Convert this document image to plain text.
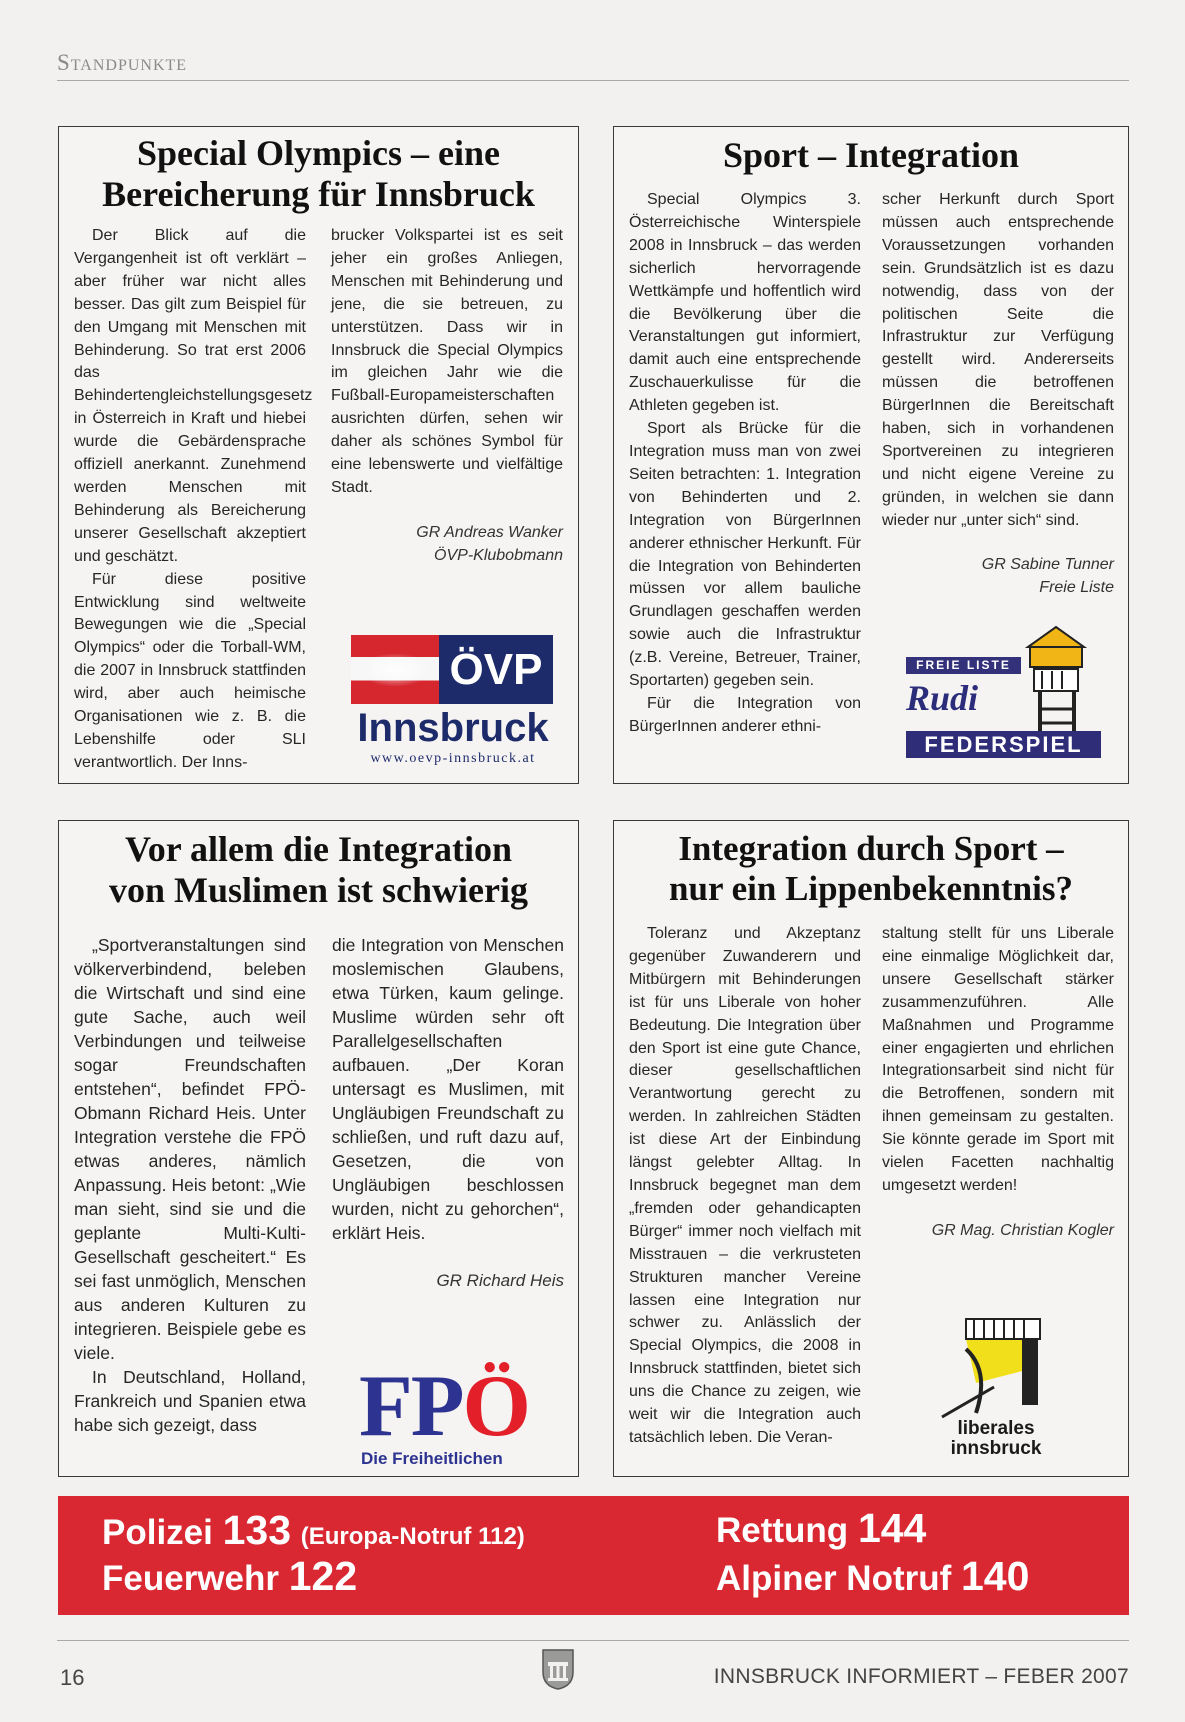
Standpunkte
Special Olympics – eine
Bereicherung für Innsbruck

Der Blick auf die Vergangenheit ist oft verklärt – aber früher war nicht alles besser. Das gilt zum Beispiel für den Umgang mit Menschen mit Behinderung. So trat erst 2006 das Behindertengleichstellungsgesetz in Österreich in Kraft und hiebei wurde die Gebärdensprache offiziell anerkannt. Zunehmend werden Menschen mit Behinderung als Bereicherung unserer Gesellschaft akzeptiert und geschätzt.

Für diese positive Entwicklung sind weltweite Bewegungen wie die „Special Olympics“ oder die Torball-WM, die 2007 in Innsbruck stattfinden wird, aber auch heimische Organisationen wie z. B. die Lebenshilfe oder SLI verantwortlich. Der Inns-

brucker Volkspartei ist es seit jeher ein großes Anliegen, Menschen mit Behinderung und jene, die sie betreuen, zu unterstützen. Dass wir in Innsbruck die Special Olympics im gleichen Jahr wie die Fußball-Europameisterschaften ausrichten dürfen, sehen wir daher als schönes Symbol für eine lebenswerte und vielfältige Stadt.

GR Andreas Wanker
ÖVP-Klubobmann
ÖVP
Innsbruck
www.oevp-innsbruck.at
Sport – Integration

Special Olympics 3. Österreichische Winterspiele 2008 in Innsbruck – das werden sicherlich hervorragende Wettkämpfe und hoffentlich wird die Bevölkerung über die Veranstaltungen gut informiert, damit auch eine entsprechende Zuschauerkulisse für die Athleten gegeben ist.

Sport als Brücke für die Integration muss man von zwei Seiten betrachten: 1. Integration von Behinderten und 2. Integration von BürgerInnen anderer ethnischer Herkunft. Für die Integration von Behinderten müssen vor allem bauliche Grundlagen geschaffen werden sowie auch die Infrastruktur (z.B. Vereine, Betreuer, Trainer, Sportarten) gegeben sein.

Für die Integration von BürgerInnen anderer ethni-

scher Herkunft durch Sport müssen auch entsprechende Voraussetzungen vorhanden sein. Grundsätzlich ist es dazu notwendig, dass von der politischen Seite die Infrastruktur zur Verfügung gestellt wird. Andererseits müssen die betroffenen BürgerInnen die Bereitschaft haben, sich in vorhandenen Sportvereinen zu integrieren und nicht eigene Vereine zu gründen, in welchen sie dann wieder nur „unter sich“ sind.

GR Sabine Tunner
Freie Liste
FREIE LISTE
Rudi
FEDERSPIEL
Vor allem die Integration
von Muslimen ist schwierig

„Sportveranstaltungen sind völkerverbindend, beleben die Wirtschaft und sind eine gute Sache, auch weil Verbindungen und teilweise sogar Freundschaften entstehen“, befindet FPÖ-Obmann Richard Heis. Unter Integration verstehe die FPÖ etwas anderes, nämlich Anpassung. Heis betont: „Wie man sieht, sind sie und die geplante Multi-Kulti-Gesellschaft gescheitert.“ Es sei fast unmöglich, Menschen aus anderen Kulturen zu integrieren. Beispiele gebe es viele.

In Deutschland, Holland, Frankreich und Spanien etwa habe sich gezeigt, dass

die Integration von Menschen moslemischen Glaubens, etwa Türken, kaum gelinge. Muslime würden sehr oft Parallelgesellschaften aufbauen. „Der Koran untersagt es Muslimen, mit Ungläubigen Freundschaft zu schließen, und ruft dazu auf, Gesetzen, die von Ungläubigen beschlossen wurden, nicht zu gehorchen“, erklärt Heis.

GR Richard Heis
FPÖ
Die Freiheitlichen
Integration durch Sport –
nur ein Lippenbekenntnis?

Toleranz und Akzeptanz gegenüber Zuwanderern und Mitbürgern mit Behinderungen ist für uns Liberale von hoher Bedeutung. Die Integration über den Sport ist eine gute Chance, dieser gesellschaftlichen Verantwortung gerecht zu werden. In zahlreichen Städten ist diese Art der Einbindung längst gelebter Alltag. In Innsbruck begegnet man dem „fremden oder gehandicapten Bürger“ immer noch vielfach mit Misstrauen – die verkrusteten Strukturen mancher Vereine lassen eine Integration nur schwer zu. Anlässlich der Special Olympics, die 2008 in Innsbruck stattfinden, bietet sich uns die Chance zu zeigen, wie weit wir die Integration auch tatsächlich leben. Die Veran-

staltung stellt für uns Liberale eine einmalige Möglichkeit dar, unsere Gesellschaft stärker zusammenzuführen. Alle Maßnahmen und Programme einer engagierten und ehrlichen Integrationsarbeit sind nicht für die Betroffenen, sondern mit ihnen gemeinsam zu gestalten. Sie könnte gerade im Sport mit vielen Facetten nachhaltig umgesetzt werden!

GR Mag. Christian Kogler
liberales
innsbruck
Polizei 133 (Europa-Notruf 112)
Feuerwehr 122
Rettung 144
Alpiner Notruf 140
16	INNSBRUCK INFORMIERT – FEBER 2007
